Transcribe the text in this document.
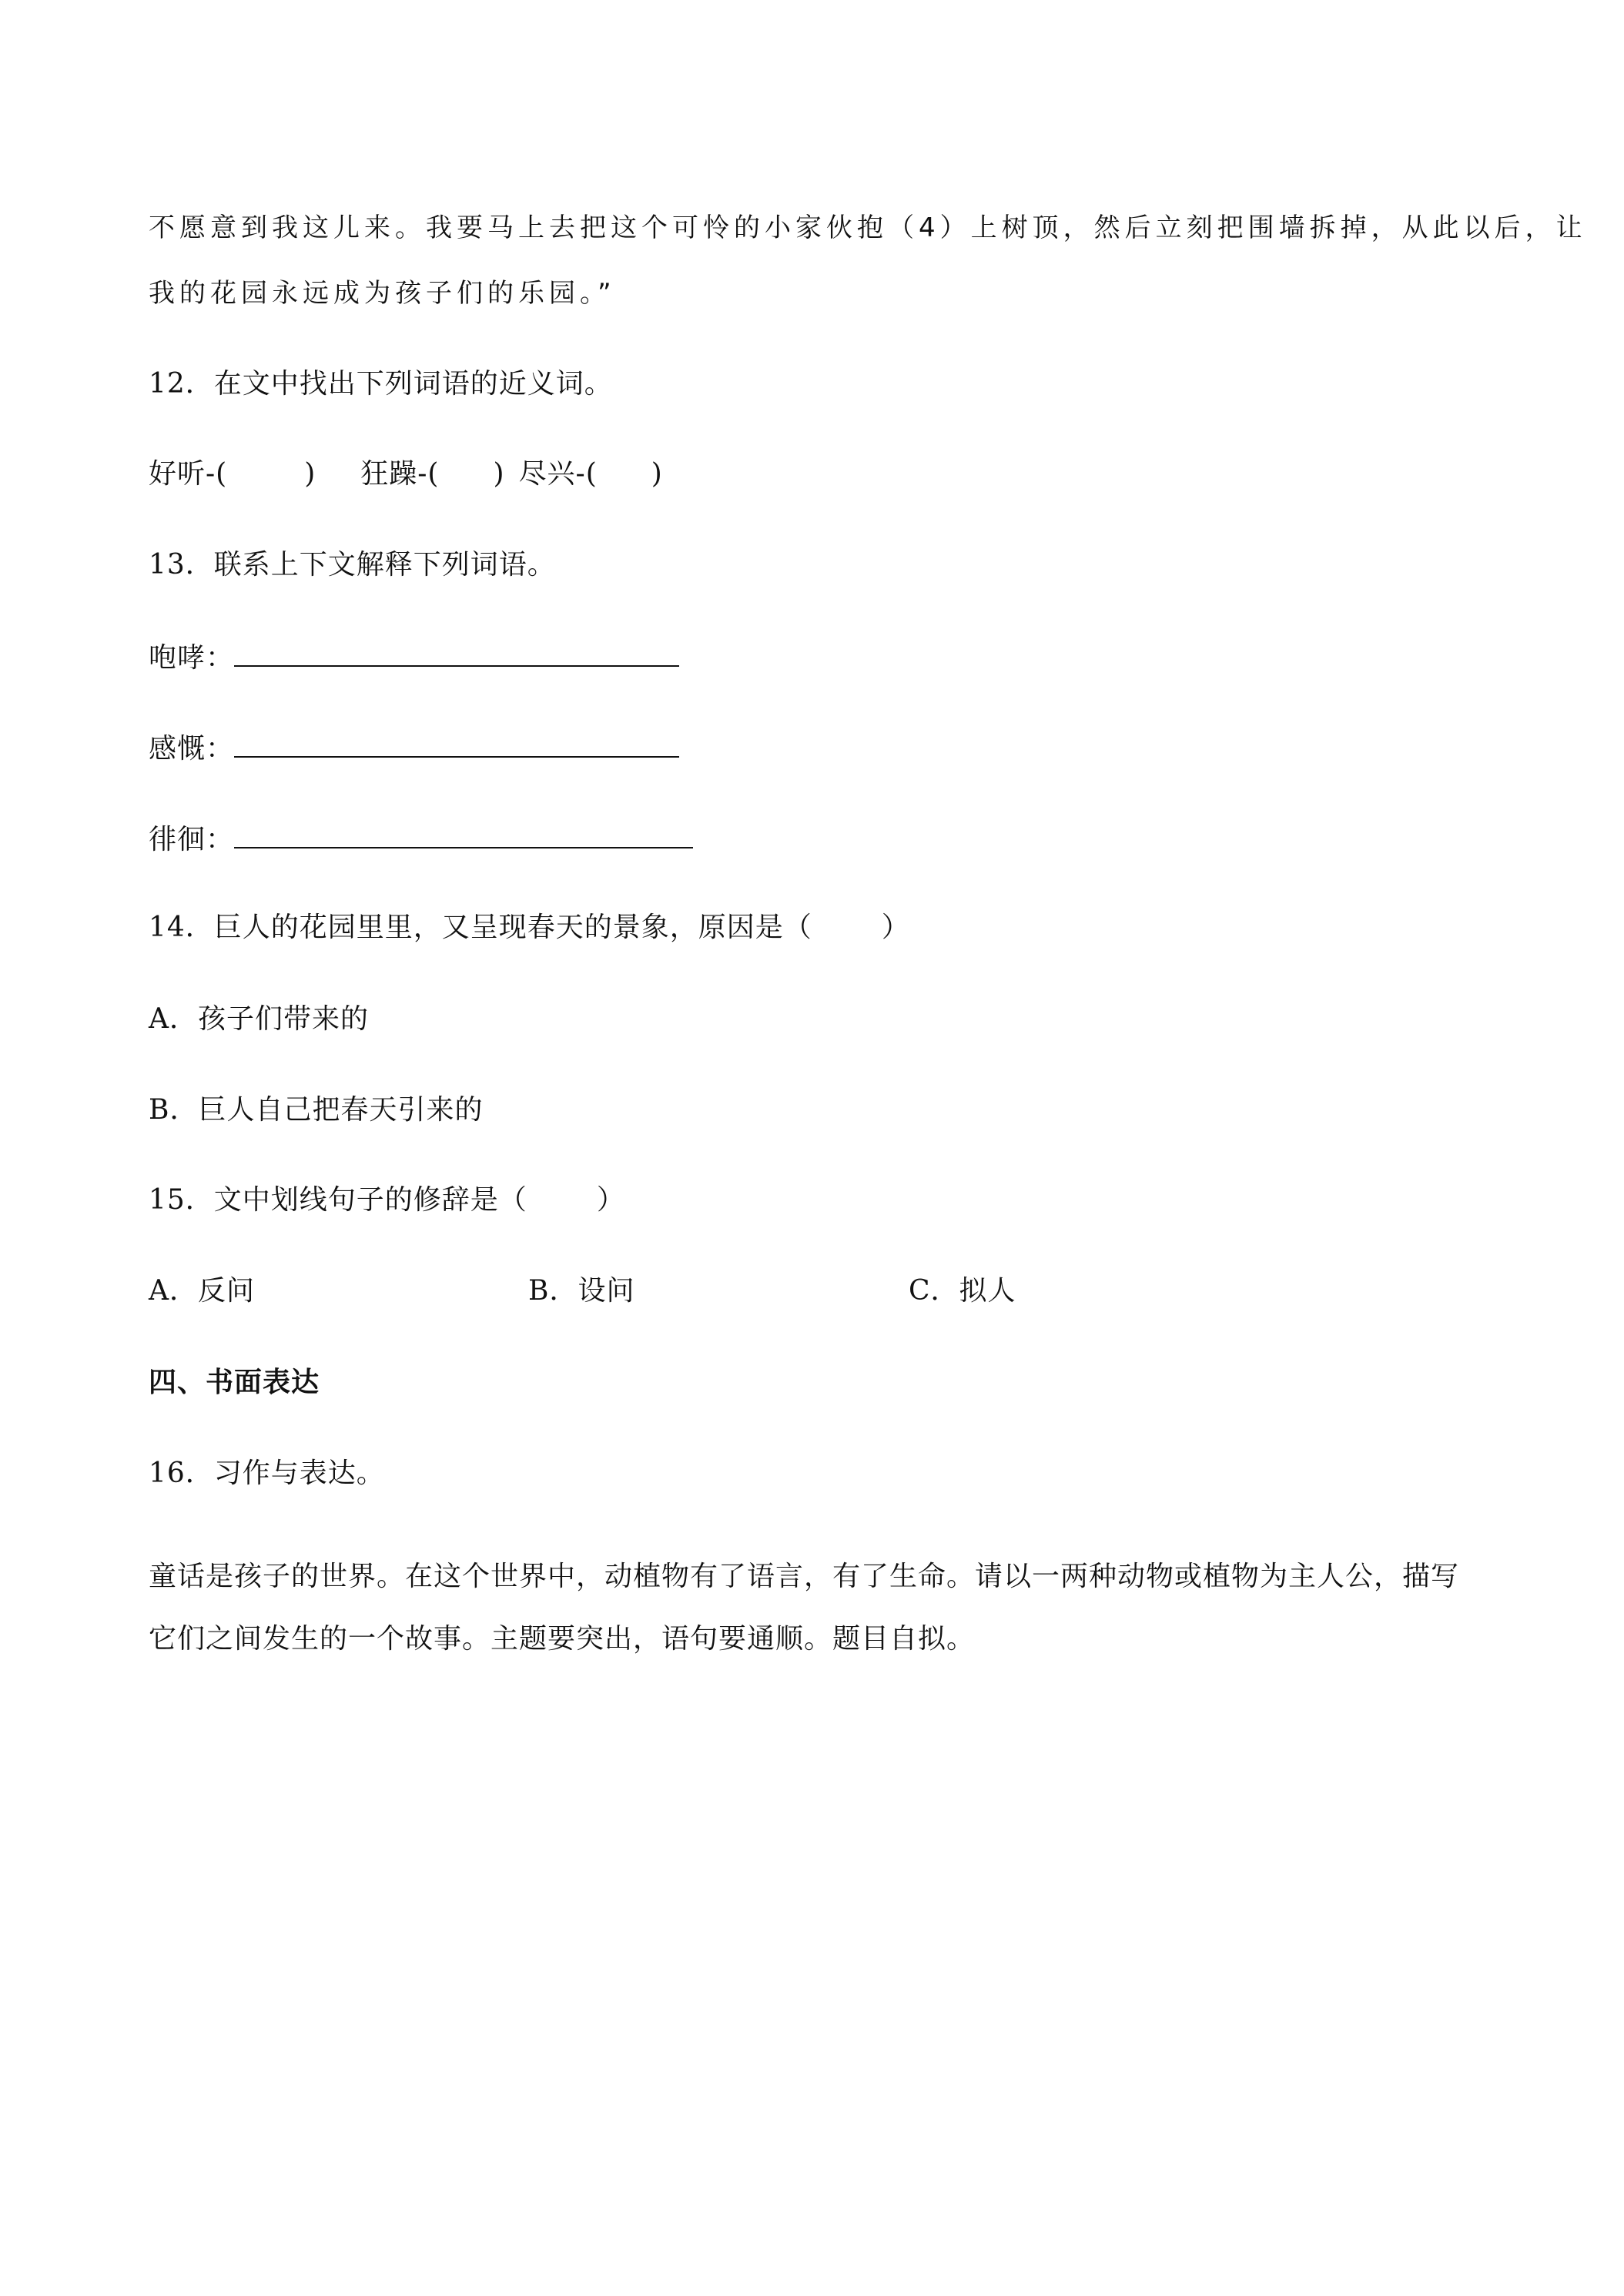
不愿意到我这儿来。我要马上去把这个可怜的小家伙抱（4）上树顶，然后立刻把围墙拆掉，从此以后，让
我的花园永远成为孩子们的乐园。”
12．在文中找出下列词语的近义词。
好听-(	) 狂躁-( ) 尽兴-( )
13．联系上下文解释下列词语。
咆哮：
感慨：
徘徊：
14．巨人的花园里里，又呈现春天的景象，原因是（	）
A．孩子们带来的
B．巨人自己把春天引来的
15．文中划线句子的修辞是（	）
A．反问	B．设问	C．拟人
四、书面表达
16．习作与表达。
童话是孩子的世界。在这个世界中，动植物有了语言，有了生命。请以一两种动物或植物为主人公，描写
它们之间发生的一个故事。主题要突出，语句要通顺。题目自拟。
